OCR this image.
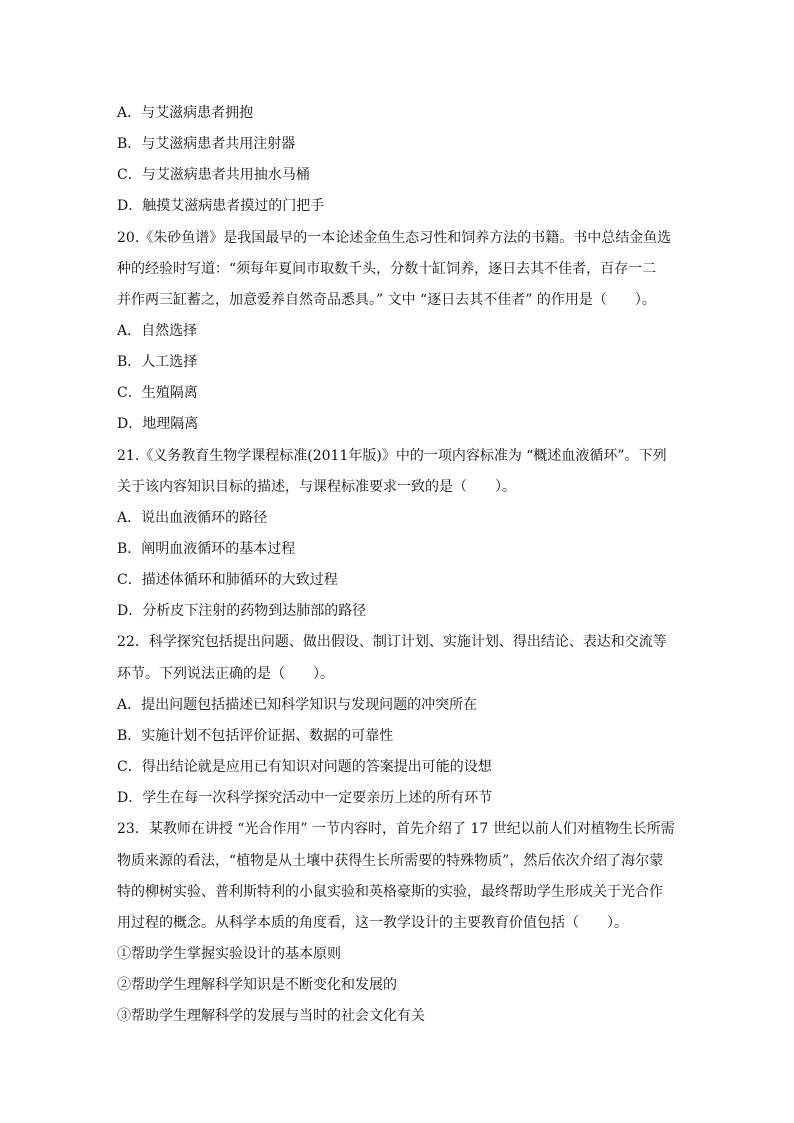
A．与艾滋病患者拥抱
B．与艾滋病患者共用注射器
C．与艾滋病患者共用抽水马桶
D．触摸艾滋病患者摸过的门把手
20.《朱砂鱼谱》是我国最早的一本论述金鱼生态习性和饲养方法的书籍。书中总结金鱼选
种的经验时写道：“须每年夏间市取数千头，分数十缸饲养，逐日去其不佳者，百存一二
并作两三缸蓄之，加意爱养自然奇品悉具。” 文中 “逐日去其不佳者” 的作用是（　　）。
A．自然选择
B．人工选择
C．生殖隔离
D．地理隔离
21.《义务教育生物学课程标准(2011年版)》中的一项内容标准为 “概述血液循环”。下列
关于该内容知识目标的描述，与课程标准要求一致的是（　　）。
A．说出血液循环的路径
B．阐明血液循环的基本过程
C．描述体循环和肺循环的大致过程
D．分析皮下注射的药物到达肺部的路径
22．科学探究包括提出问题、做出假设、制订计划、实施计划、得出结论、表达和交流等
环节。下列说法正确的是（　　）。
A．提出问题包括描述已知科学知识与发现问题的冲突所在
B．实施计划不包括评价证据、数据的可靠性
C．得出结论就是应用已有知识对问题的答案提出可能的设想
D．学生在每一次科学探究活动中一定要亲历上述的所有环节
23．某教师在讲授 “光合作用” 一节内容时，首先介绍了 17 世纪以前人们对植物生长所需
物质来源的看法，“植物是从土壤中获得生长所需要的特殊物质”，然后依次介绍了海尔蒙
特的柳树实验、普利斯特利的小鼠实验和英格豪斯的实验，最终帮助学生形成关于光合作
用过程的概念。从科学本质的角度看，这一教学设计的主要教育价值包括（　　）。
①帮助学生掌握实验设计的基本原则
②帮助学生理解科学知识是不断变化和发展的
③帮助学生理解科学的发展与当时的社会文化有关
